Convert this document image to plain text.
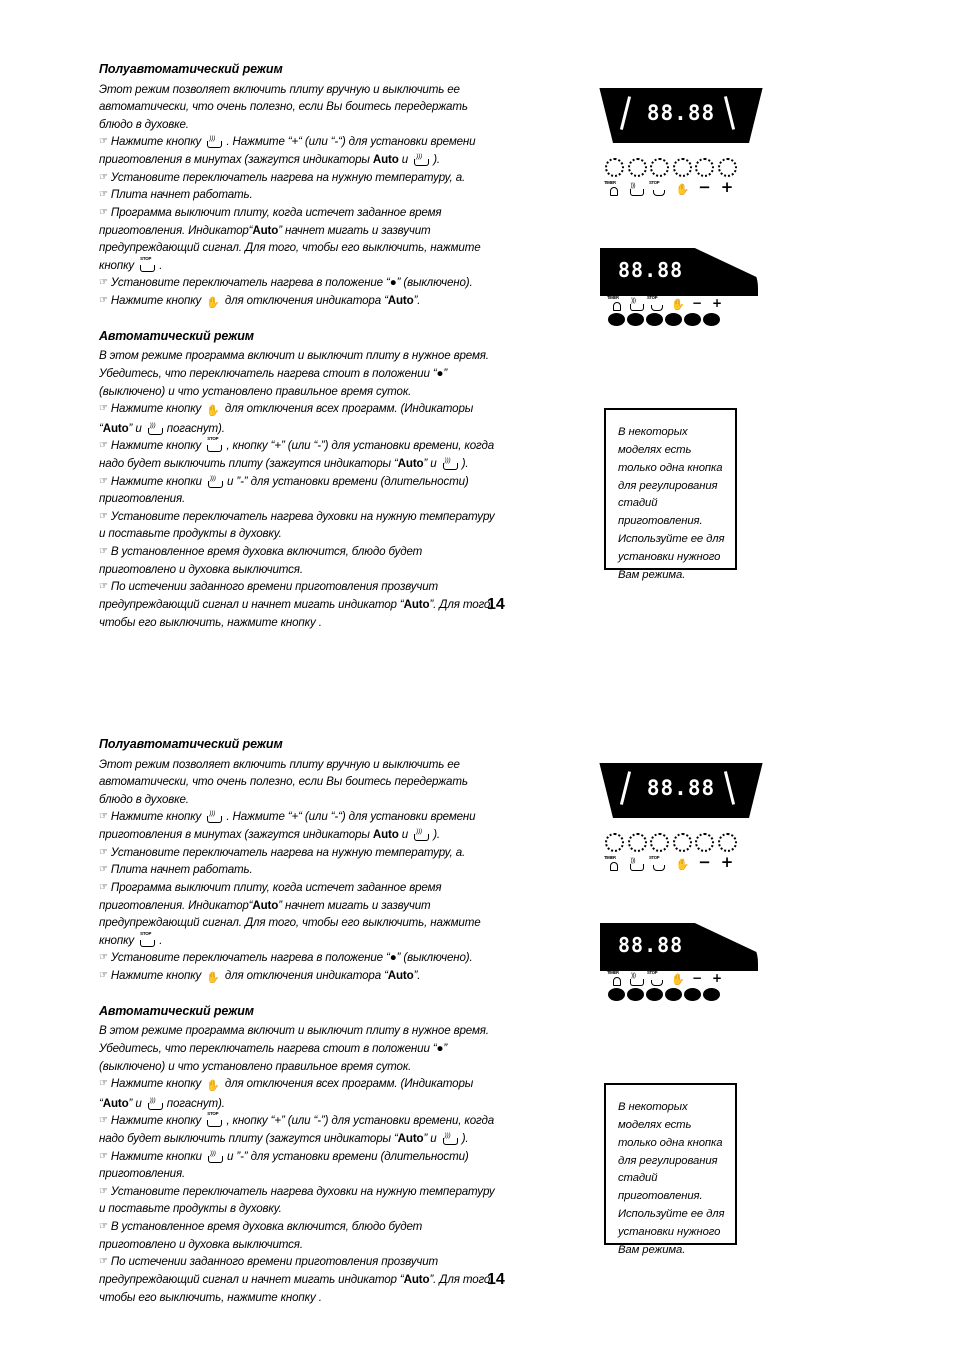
Полуавтоматический режим

Этот режим позволяет включить плиту вручную и выключить ее автоматически, что очень полезно, если Вы боитесь передержать блюдо в духовке.

☞ Нажмите кнопку ))) . Нажмите “+“ (или “-“) для установки времени приготовления в минутах (зажгутся индикаторы Auto и ))) ).
☞ Установите переключатель нагрева на нужную температуру, а.
☞ Плита начнет работать.
☞ Программа выключит плиту, когда истечет заданное время приготовления. Индикатор“Auto” начнет мигать и зазвучит предупреждающий сигнал. Для того, чтобы его выключить, нажмите кнопку
STOP
.
☞ Установите переключатель нагрева в положение “●” (выключено).
☞ Нажмите кнопку ✋ для отключения индикатора “Auto”.
Автоматический режим

В этом режиме программа включит и выключит плиту в нужное время. Убедитесь, что переключатель нагрева стоит в положении “●” (выключено) и что установлено правильное время суток.

☞ Нажмите кнопку ✋ для отключения всех программ. (Индикаторы “Auto” и ))) погаснут).
☞ Нажмите кнопку
STOP
, кнопку “+” (или “-”) для установки времени, когда надо будет выключить плиту (зажгутся индикаторы “Auto” и ))) ).
☞ Нажмите кнопки ))) и ”-” для установки времени (длительности) приготовления.
☞ Установите переключатель нагрева духовки на нужную температуру и поставьте продукты в духовку.
☞ В установленное время духовка включится, блюдо будет приготовлено и духовка выключится.
☞ По истечении заданного времени приготовления прозвучит предупреждающий сигнал и начнет мигать индикатор “Auto”. Для того, чтобы его выключить, нажмите кнопку .
14
88.88
TIMER
)))
STOP
✋ − +
88.88
TIMER
)))
STOP
✋ − +

В некоторых моделях есть только одна кнопка для регулирования стадий приготовления. Используйте ее для установки нужного Вам режима.

Полуавтоматический режим

Этот режим позволяет включить плиту вручную и выключить ее автоматически, что очень полезно, если Вы боитесь передержать блюдо в духовке.

☞ Нажмите кнопку ))) . Нажмите “+“ (или “-“) для установки времени приготовления в минутах (зажгутся индикаторы Auto и ))) ).
☞ Установите переключатель нагрева на нужную температуру, а.
☞ Плита начнет работать.
☞ Программа выключит плиту, когда истечет заданное время приготовления. Индикатор“Auto” начнет мигать и зазвучит предупреждающий сигнал. Для того, чтобы его выключить, нажмите кнопку
STOP
.
☞ Установите переключатель нагрева в положение “●” (выключено).
☞ Нажмите кнопку ✋ для отключения индикатора “Auto”.
Автоматический режим

В этом режиме программа включит и выключит плиту в нужное время. Убедитесь, что переключатель нагрева стоит в положении “●” (выключено) и что установлено правильное время суток.

☞ Нажмите кнопку ✋ для отключения всех программ. (Индикаторы “Auto” и ))) погаснут).
☞ Нажмите кнопку
STOP
, кнопку “+” (или “-”) для установки времени, когда надо будет выключить плиту (зажгутся индикаторы “Auto” и ))) ).
☞ Нажмите кнопки ))) и ”-” для установки времени (длительности) приготовления.
☞ Установите переключатель нагрева духовки на нужную температуру и поставьте продукты в духовку.
☞ В установленное время духовка включится, блюдо будет приготовлено и духовка выключится.
☞ По истечении заданного времени приготовления прозвучит предупреждающий сигнал и начнет мигать индикатор “Auto”. Для того, чтобы его выключить, нажмите кнопку .
14
88.88
TIMER
)))
STOP
✋ − +
88.88
TIMER
)))
STOP
✋ − +

В некоторых моделях есть только одна кнопка для регулирования стадий приготовления. Используйте ее для установки нужного Вам режима.
